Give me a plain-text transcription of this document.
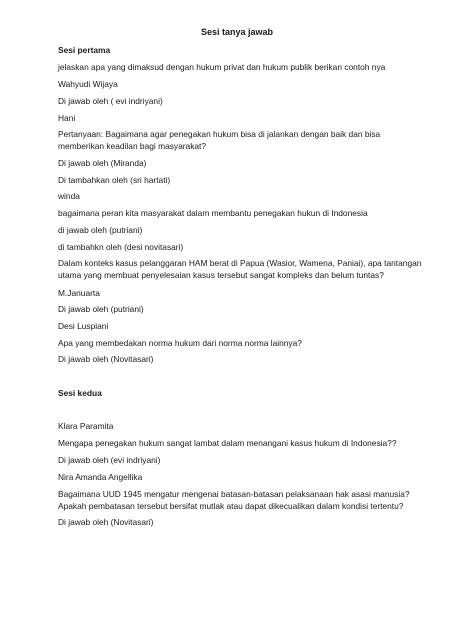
Sesi tanya jawab
Sesi pertama
jelaskan apa yang dimaksud dengan hukum privat dan hukum publik berikan contoh nya
Wahyudi Wijaya
Di jawab oleh ( evi indriyani)
Hani
Pertanyaan: Bagaimana agar penegakan hukum bisa di jalankan dengan baik dan bisa memberikan keadilan bagi masyarakat?
Di jawab oleh (Miranda)
Di tambahkan oleh (sri hartati)
winda
bagaimana peran kita masyarakat dalam membantu penegakan hukun di Indonesia
di jawab oleh (putriani)
di tambahkn oleh (desi novitasari)
Dalam konteks kasus pelanggaran HAM berat di Papua (Wasior, Wamena, Paniai), apa tantangan utama yang membuat penyelesaian kasus tersebut sangat kompleks dan belum tuntas?
M.Januarta
Di jawab oleh (putriani)
Desi Luspiani
Apa yang membedakan norma hukum dari norma norma lainnya?
Di jawab oleh (Novitasari)
Sesi kedua
Klara Paramita
Mengapa penegakan hukum sangat lambat dalam menangani kasus hukum di Indonesia??
Di jawab oleh (evi indriyani)
Nira Amanda Angellika
Bagaimana UUD 1945 mengatur mengenai batasan-batasan pelaksanaan hak asasi manusia? Apakah pembatasan tersebut bersifat mutlak atau dapat dikecualikan dalam kondisi tertentu?
Di jawab oleh (Novitasari)
